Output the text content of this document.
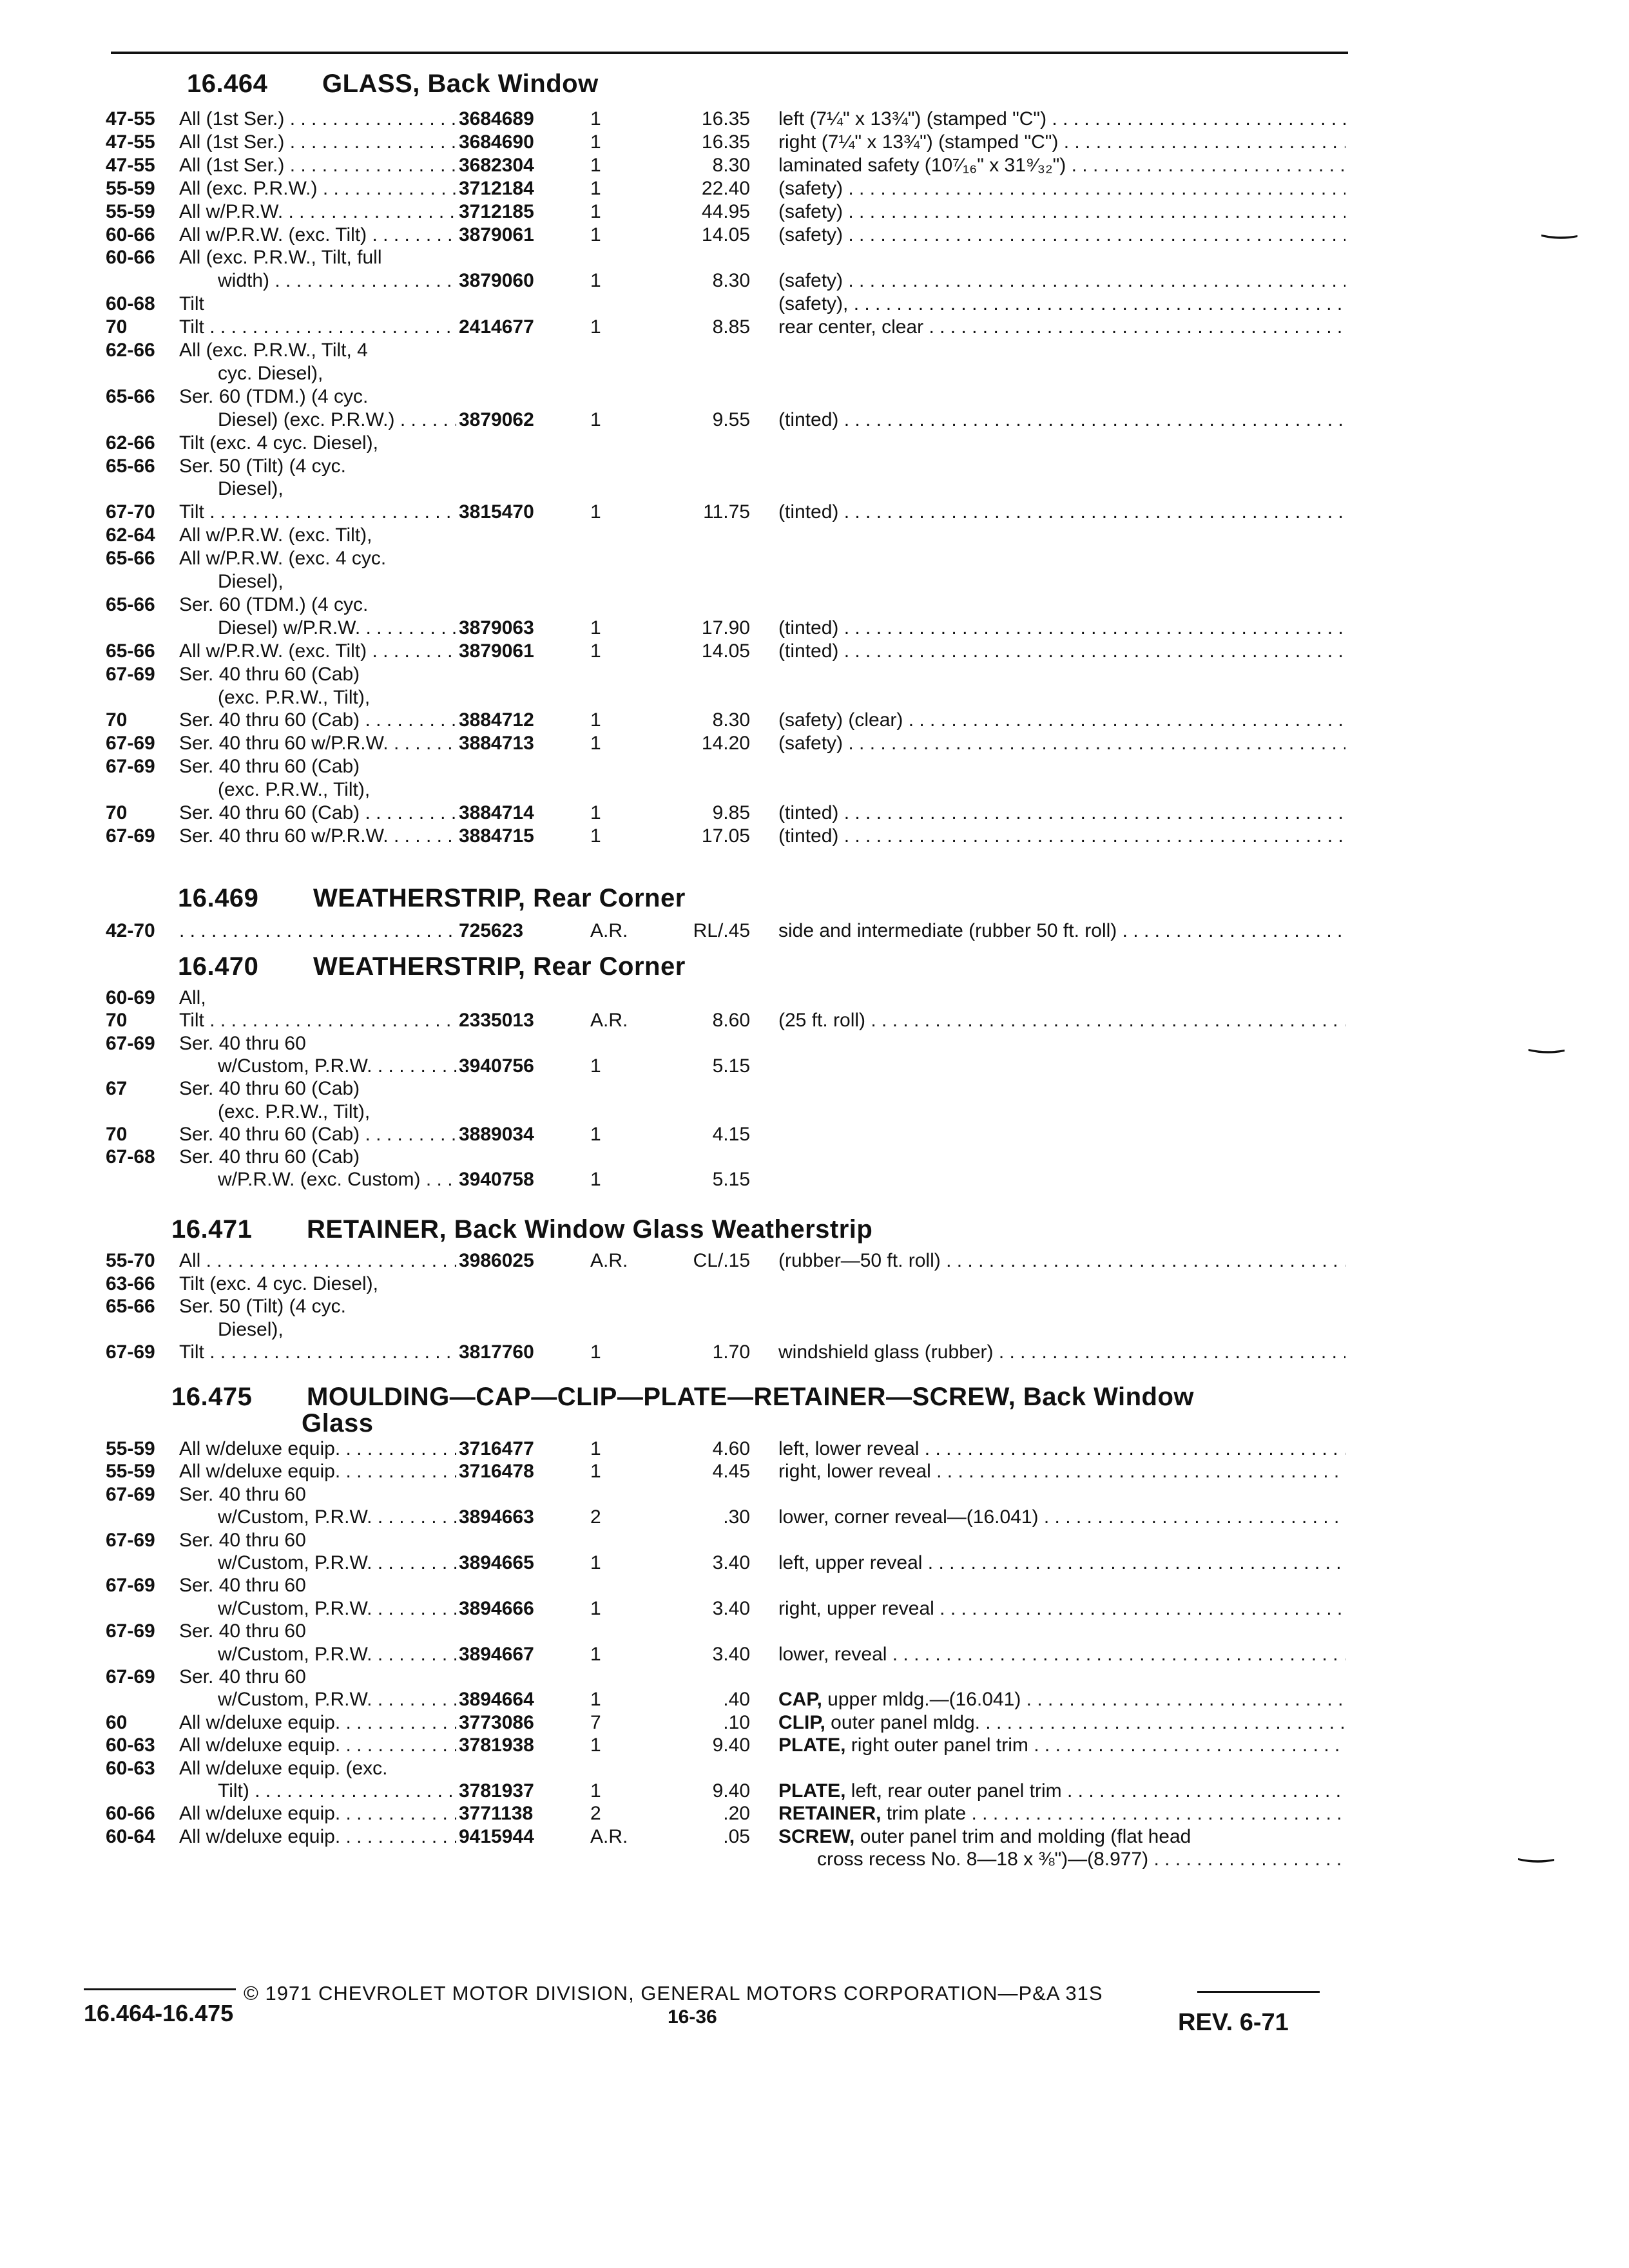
16.464 GLASS, Back Window
47-55 All (1st Ser.) . . .	3684689	1	16.35 left (7¼" x 13¾") (stamped "C") . . .
47-55 All (1st Ser.) . . .	3684690	1	16.35 right (7¼" x 13¾") (stamped "C") . . .
47-55 All (1st Ser.) . . .	3682304	1	8.30 laminated safety (10⁷⁄₁₆" x 31⁹⁄₃₂") . . .
55-59 All (exc. P.R.W.) . . .	3712184	1	22.40 (safety) . . .
55-59 All w/P.R.W. . . .	3712185	1	44.95 (safety) . . .
60-66 All w/P.R.W. (exc. Tilt) . . .	3879061	1	14.05 (safety) . . .
60-66 All (exc. P.R.W., Tilt, full
  width) . . .	3879060	1	8.30 (safety) . . .
60-68 Tilt	(safety), . . .
70	Tilt . . .	2414677	1	8.85 rear center, clear . . .
62-66 All (exc. P.R.W., Tilt, 4
  cyc. Diesel),
65-66 Ser. 60 (TDM.) (4 cyc.
  Diesel) (exc. P.R.W.) . . .	3879062	1	9.55 (tinted) . . .
62-66 Tilt (exc. 4 cyc. Diesel),
65-66 Ser. 50 (Tilt) (4 cyc.
  Diesel),
67-70 Tilt . . .	3815470	1	11.75 (tinted) . . .
62-64 All w/P.R.W. (exc. Tilt),
65-66 All w/P.R.W. (exc. 4 cyc.
  Diesel),
65-66 Ser. 60 (TDM.) (4 cyc.
  Diesel) w/P.R.W. . . .	3879063	1	17.90 (tinted) . . .
65-66 All w/P.R.W. (exc. Tilt) . . .	3879061	1	14.05 (tinted) . . .
67-69 Ser. 40 thru 60 (Cab)
  (exc. P.R.W., Tilt),
70	Ser. 40 thru 60 (Cab) . . .	3884712	1	8.30 (safety) (clear) . . .
67-69 Ser. 40 thru 60 w/P.R.W. . . .	3884713	1	14.20 (safety) . . .
67-69 Ser. 40 thru 60 (Cab)
  (exc. P.R.W., Tilt),
70	Ser. 40 thru 60 (Cab) . . .	3884714	1	9.85 (tinted) . . .
67-69 Ser. 40 thru 60 w/P.R.W. . . .	3884715	1	17.05 (tinted) . . .
16.469 WEATHERSTRIP, Rear Corner
42-70
. . .	725623	A.R.	RL/.45 side and intermediate (rubber 50 ft. roll) . . .
16.470 WEATHERSTRIP, Rear Corner
60-69 All,
70	Tilt . . .	2335013	A.R.	8.60 (25 ft. roll) . . .
67-69 Ser. 40 thru 60
  w/Custom, P.R.W. . . .	3940756	1	5.15
67	Ser. 40 thru 60 (Cab)
  (exc. P.R.W., Tilt),
70	Ser. 40 thru 60 (Cab) . . .	3889034	1	4.15
67-68 Ser. 40 thru 60 (Cab)
  w/P.R.W. (exc. Custom) . . .	3940758	1	5.15
16.471 RETAINER, Back Window Glass Weatherstrip
55-70 All . . .	3986025	A.R.	CL/.15 (rubber—50 ft. roll) . . .
63-66 Tilt (exc. 4 cyc. Diesel),
65-66 Ser. 50 (Tilt) (4 cyc.
  Diesel),
67-69 Tilt . . .	3817760	1	1.70 windshield glass (rubber) . . .
16.475 MOULDING—CAP—CLIP—PLATE—RETAINER—SCREW, Back Window
Glass
55-59 All w/deluxe equip. . . .	3716477	1	4.60 left, lower reveal . . .
55-59 All w/deluxe equip. . . .	3716478	1	4.45 right, lower reveal . . .
67-69 Ser. 40 thru 60
  w/Custom, P.R.W. . . .	3894663	2	.30 lower, corner reveal—(16.041) . . .
67-69 Ser. 40 thru 60
  w/Custom, P.R.W. . . .	3894665	1	3.40 left, upper reveal . . .
67-69 Ser. 40 thru 60
  w/Custom, P.R.W. . . .	3894666	1	3.40 right, upper reveal . . .
67-69 Ser. 40 thru 60
  w/Custom, P.R.W. . . .	3894667	1	3.40 lower, reveal . . .
67-69 Ser. 40 thru 60
  w/Custom, P.R.W. . . .	3894664	1	.40 CAP, upper mldg.—(16.041) . . .
60	All w/deluxe equip. . . .	3773086	7	.10 CLIP, outer panel mldg. . . .
60-63 All w/deluxe equip. . . .	3781938	1	9.40 PLATE, right outer panel trim . . .
60-63 All w/deluxe equip. (exc.
  Tilt) . . .	3781937	1	9.40 PLATE, left, rear outer panel trim . . .
60-66 All w/deluxe equip. . . .	3771138	2	.20 RETAINER, trim plate . . .
60-64 All w/deluxe equip. . . .	9415944	A.R.	.05 SCREW, outer panel trim and molding (flat head
  cross recess No. 8—18 x ⅜")—(8.977) . . .
© 1971 CHEVROLET MOTOR DIVISION, GENERAL MOTORS CORPORATION—P&A 31S
16.464-16.475	16-36	REV. 6-71
